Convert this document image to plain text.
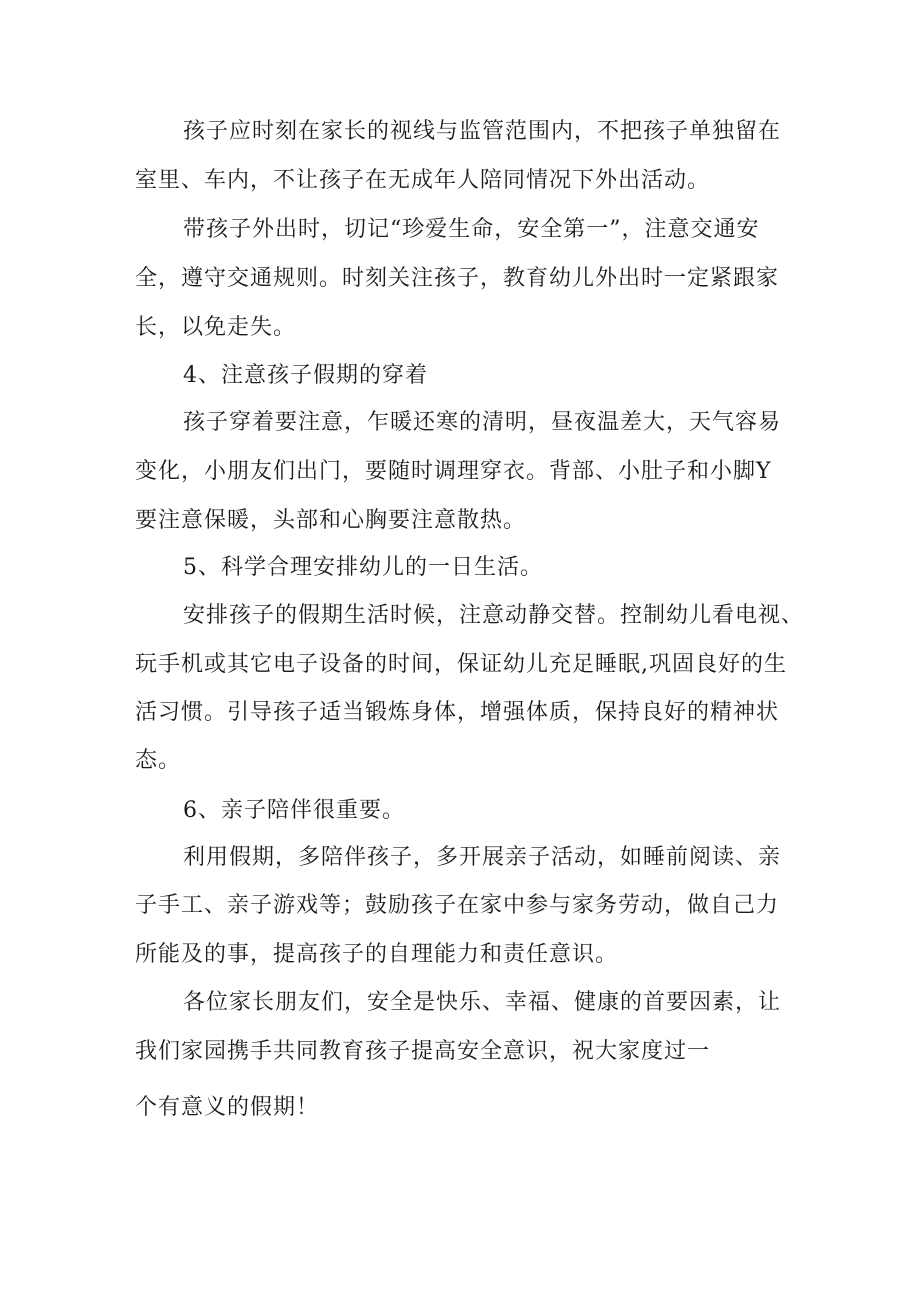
孩子应时刻在家长的视线与监管范围内，不把孩子单独留在
室里、车内，不让孩子在无成年人陪同情况下外出活动。
带孩子外出时，切记“珍爱生命，安全第一”，注意交通安
全，遵守交通规则。时刻关注孩子，教育幼儿外出时一定紧跟家
长，以免走失。
4、注意孩子假期的穿着
孩子穿着要注意，乍暖还寒的清明，昼夜温差大，天气容易
变化，小朋友们出门，要随时调理穿衣。背部、小肚子和小脚Y
要注意保暖，头部和心胸要注意散热。
5、科学合理安排幼儿的一日生活。
安排孩子的假期生活时候，注意动静交替。控制幼儿看电视、
玩手机或其它电子设备的时间，保证幼儿充足睡眠,巩固良好的生
活习惯。引导孩子适当锻炼身体，增强体质，保持良好的精神状
态。
6、亲子陪伴很重要。
利用假期，多陪伴孩子，多开展亲子活动，如睡前阅读、亲
子手工、亲子游戏等；鼓励孩子在家中参与家务劳动，做自己力
所能及的事，提高孩子的自理能力和责任意识。
各位家长朋友们，安全是快乐、幸福、健康的首要因素，让
我们家园携手共同教育孩子提高安全意识，祝大家度过一
个有意义的假期！
